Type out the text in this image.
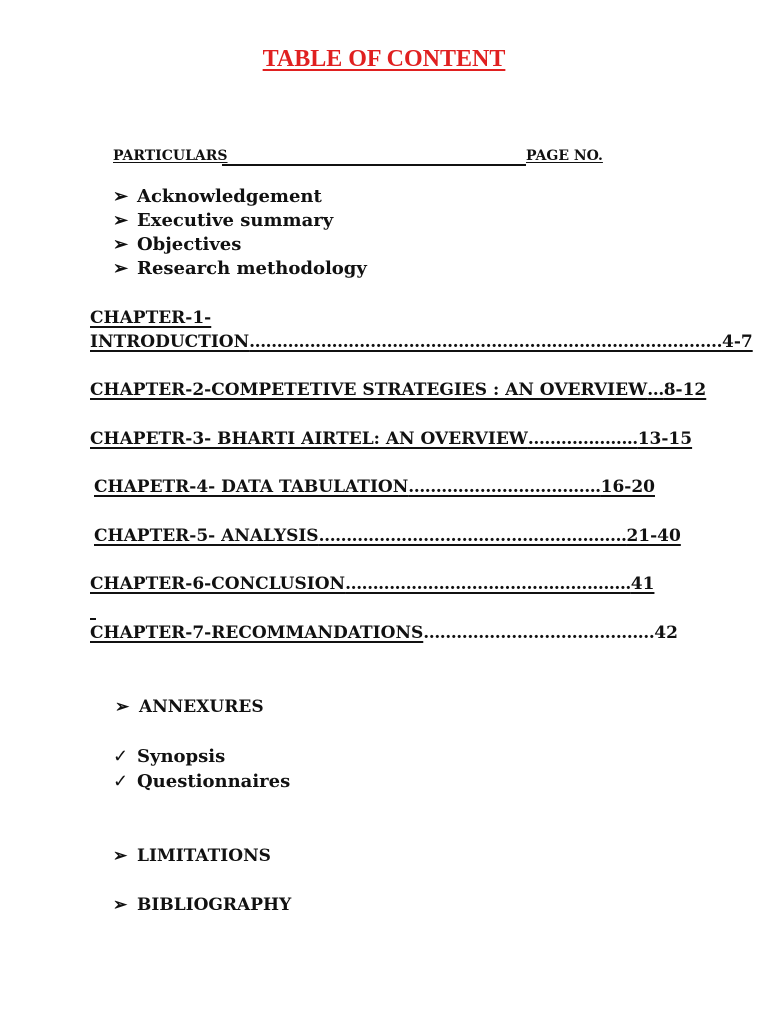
TABLE OF CONTENT
PARTICULARS	PAGE NO.
➢ Acknowledgement
➢ Executive summary
➢ Objectives
➢ Research methodology
CHAPTER-1-
INTRODUCTION……………………………………………….…………………….……4-7
CHAPTER-2-COMPETETIVE STRATEGIES : AN OVERVIEW…8-12
CHAPETR-3- BHARTI AIRTEL: AN OVERVIEW………………..13-15
CHAPETR-4- DATA TABULATION……………………………..16-20
CHAPTER-5- ANALYSIS…………………………………….………….21-40
CHAPTER-6-CONCLUSION……………………….………..………….41
CHAPTER-7-RECOMMANDATIONS……………………………………42
➢ ANNEXURES
✓ Synopsis
✓ Questionnaires
➢ LIMITATIONS
➢ BIBLIOGRAPHY
